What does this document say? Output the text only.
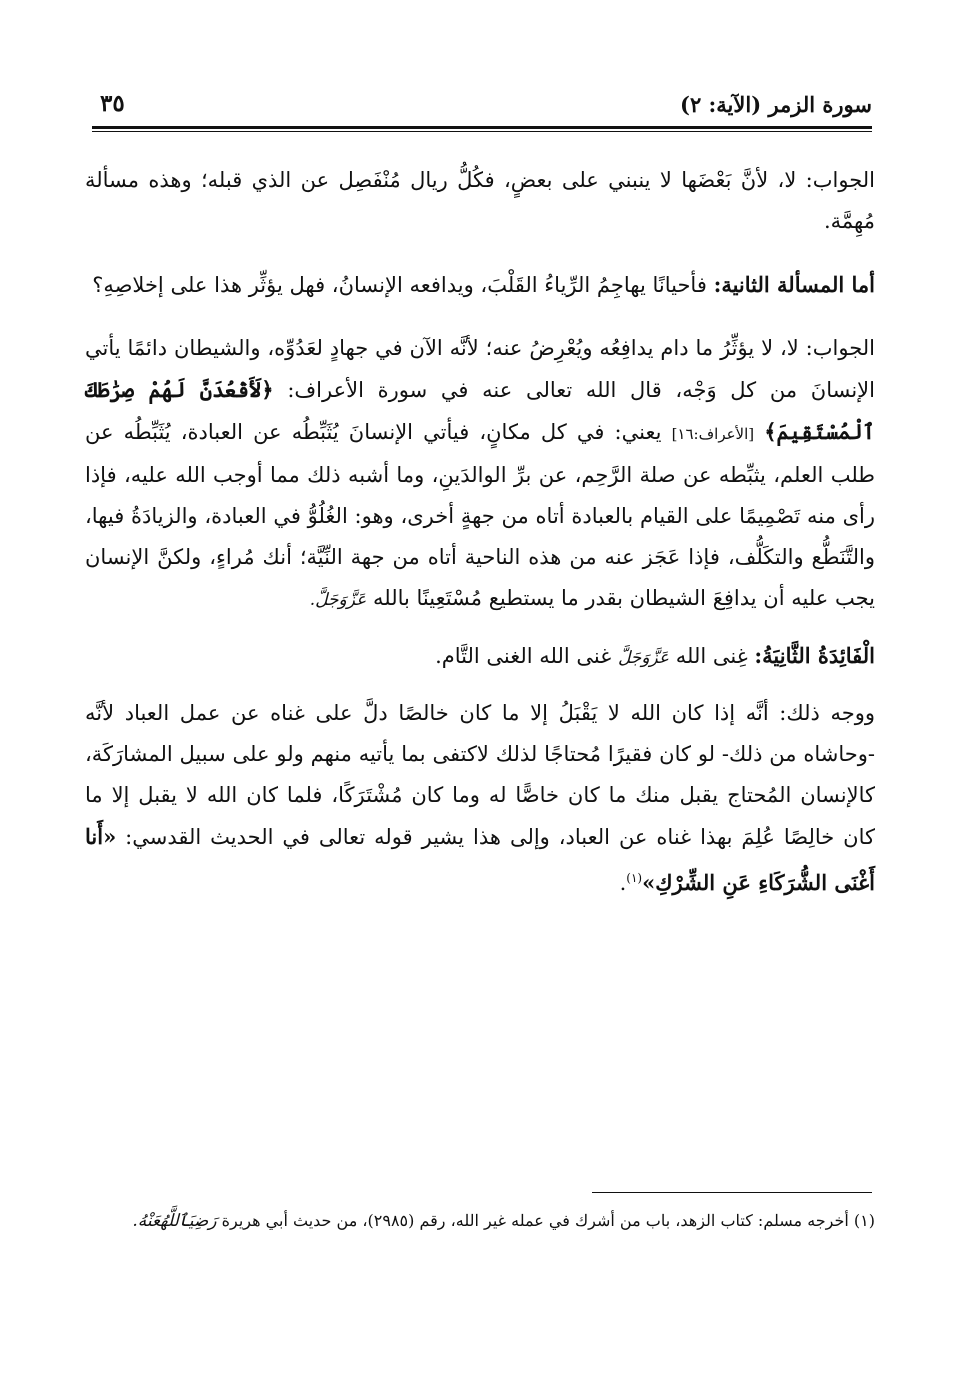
سورة الزمر (الآية: ٢)
٣٥

الجواب: لا، لأنَّ بَعْضَها لا ينبني على بعضٍ، فكُلُّ ريال مُنْفَصِل عن الذي قبله؛ وهذه مسألة مُهِمَّة.

أما المسألة الثانية: فأحيانًا يهاجِمُ الرِّياءُ القَلْبَ، ويدافعه الإنسانُ، فهل يؤثِّر هذا على إخلاصِهِ؟

الجواب: لا، لا يؤثِّرُ ما دام يدافِعُه ويُعْرِضُ عنه؛ لأنَّه الآن في جهادٍ لعَدُوِّه، والشيطان دائمًا يأتي الإنسانَ من كل وَجْه، قال الله تعالى عنه في سورة الأعراف: ﴿لَأَقْعُدَنَّ لَهُمْ صِرَٰطَكَ ٱلْمُسْتَقِيمَ﴾ [الأعراف:١٦] يعني: في كل مكانٍ، فيأتي الإنسانَ يُثَبِّطُه عن العبادة، يُثَبِّطُه عن طلب العلم، يثبِّطه عن صلة الرَّحِم، عن برِّ الوالدَينِ، وما أشبه ذلك مما أوجب الله عليه، فإذا رأى منه تَصْمِيمًا على القيام بالعبادة أتاه من جهةٍ أخرى، وهو: الغُلُوُّ في العبادة، والزيادَةُ فيها، والتَّنَطُّع والتكَلُّف، فإذا عَجَز عنه من هذه الناحية أتاه من جهة النِّيَّة؛ أنك مُراءٍ، ولكنَّ الإنسان يجب عليه أن يدافِعَ الشيطان بقدر ما يستطيع مُسْتَعِينًا بالله عَزَّوَجَلَّ.

الْفَائِدَةُ الثَّانِيَةُ: غِنى الله عَزَّوَجَلَّ غنى الله الغنى التَّام.

ووجه ذلك: أنَّه إذا كان الله لا يَقْبَلُ إلا ما كان خالصًا دلَّ على غناه عن عمل العباد لأنَّه -وحاشاه من ذلك- لو كان فقيرًا مُحتاجًا لذلك لاكتفى بما يأتيه منهم ولو على سبيل المشارَكَة، كالإنسان المُحتاج يقبل منك ما كان خاصًّا له وما كان مُشْتَرَكًا، فلما كان الله لا يقبل إلا ما كان خالِصًا عُلِمَ بهذا غناه عن العباد، وإلى هذا يشير قوله تعالى في الحديث القدسي: «أَنا أَغْنَى الشُّرَكَاءِ عَنِ الشِّرْكِ»$^{(١)}$.

(١) أخرجه مسلم: كتاب الزهد، باب من أشرك في عمله غير الله، رقم (٢٩٨٥)، من حديث أبي هريرة رَضِيَٱللَّهُعَنْهُ.
